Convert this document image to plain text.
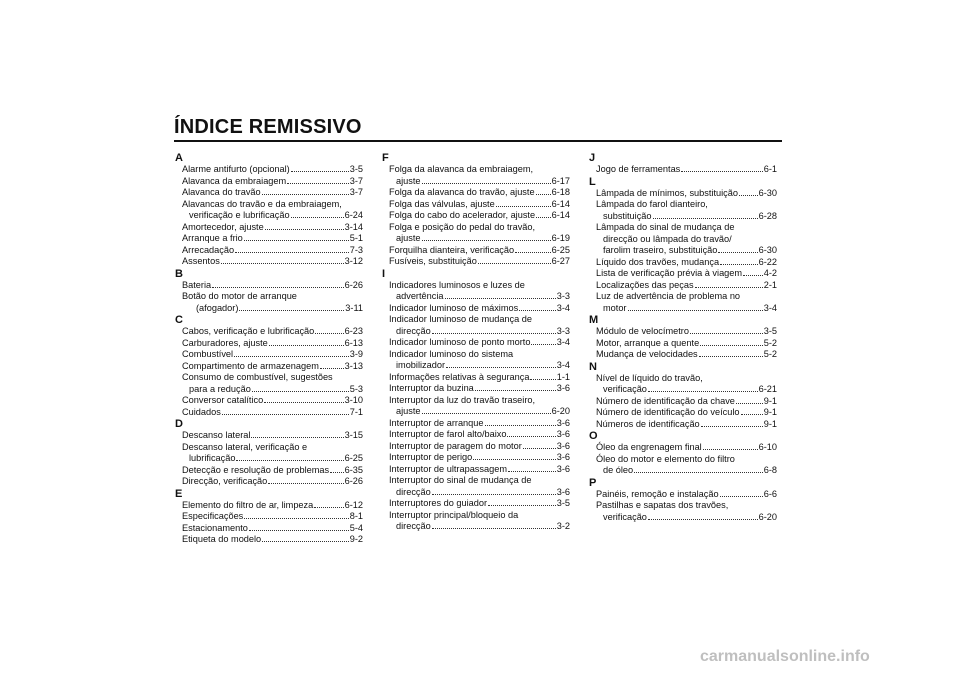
ÍNDICE REMISSIVO
A
Alarme antifurto (opcional)	3-5
Alavanca da embraiagem	3-7
Alavanca do travão	3-7
Alavancas do travão e da embraiagem,
verificação e lubrificação	6-24
Amortecedor, ajuste	3-14
Arranque a frio	5-1
Arrecadação	7-3
Assentos	3-12
B
Bateria	6-26
Botão do motor de arranque
(afogador)	3-11
C
Cabos, verificação e lubrificação	6-23
Carburadores, ajuste	6-13
Combustível	3-9
Compartimento de armazenagem	3-13
Consumo de combustível, sugestões
para a redução	5-3
Conversor catalítico	3-10
Cuidados	7-1
D
Descanso lateral	3-15
Descanso lateral, verificação e
lubrificação	6-25
Detecção e resolução de problemas 6-35
Direcção, verificação	6-26
E
Elemento do filtro de ar, limpeza	6-12
Especificações	8-1
Estacionamento	5-4
Etiqueta do modelo	9-2
F
Folga da alavanca da embraiagem,
ajuste	6-17
Folga da alavanca do travão, ajuste 6-18
Folga das válvulas, ajuste	6-14
Folga do cabo do acelerador, ajuste 6-14
Folga e posição do pedal do travão,
ajuste	6-19
Forquilha dianteira, verificação	6-25
Fusíveis, substituição	6-27
I
Indicadores luminosos e luzes de
advertência	3-3
Indicador luminoso de máximos	3-4
Indicador luminoso de mudança de
direcção	3-3
Indicador luminoso de ponto morto	3-4
Indicador luminoso do sistema
imobilizador	3-4
Informações relativas à segurança	1-1
Interruptor da buzina	3-6
Interruptor da luz do travão traseiro,
ajuste	6-20
Interruptor de arranque	3-6
Interruptor de farol alto/baixo	3-6
Interruptor de paragem do motor	3-6
Interruptor de perigo	3-6
Interruptor de ultrapassagem	3-6
Interruptor do sinal de mudança de
direcção	3-6
Interruptores do guiador	3-5
Interruptor principal/bloqueio da
direcção	3-2
J
Jogo de ferramentas	6-1
L
Lâmpada de mínimos, substituição 6-30
Lâmpada do farol dianteiro,
substituição	6-28
Lâmpada do sinal de mudança de
direcção ou lâmpada do travão/
farolim traseiro, substituição	6-30
Líquido dos travões, mudança	6-22
Lista de verificação prévia à viagem 4-2
Localizações das peças	2-1
Luz de advertência de problema no
motor	3-4
M
Módulo de velocímetro	3-5
Motor, arranque a quente	5-2
Mudança de velocidades	5-2
N
Nível de líquido do travão,
verificação	6-21
Número de identificação da chave	9-1
Número de identificação do veículo	9-1
Números de identificação	9-1
O
Óleo da engrenagem final	6-10
Óleo do motor e elemento do filtro
de óleo	6-8
P
Painéis, remoção e instalação	6-6
Pastilhas e sapatas dos travões,
verificação	6-20
carmanualsonline.info
